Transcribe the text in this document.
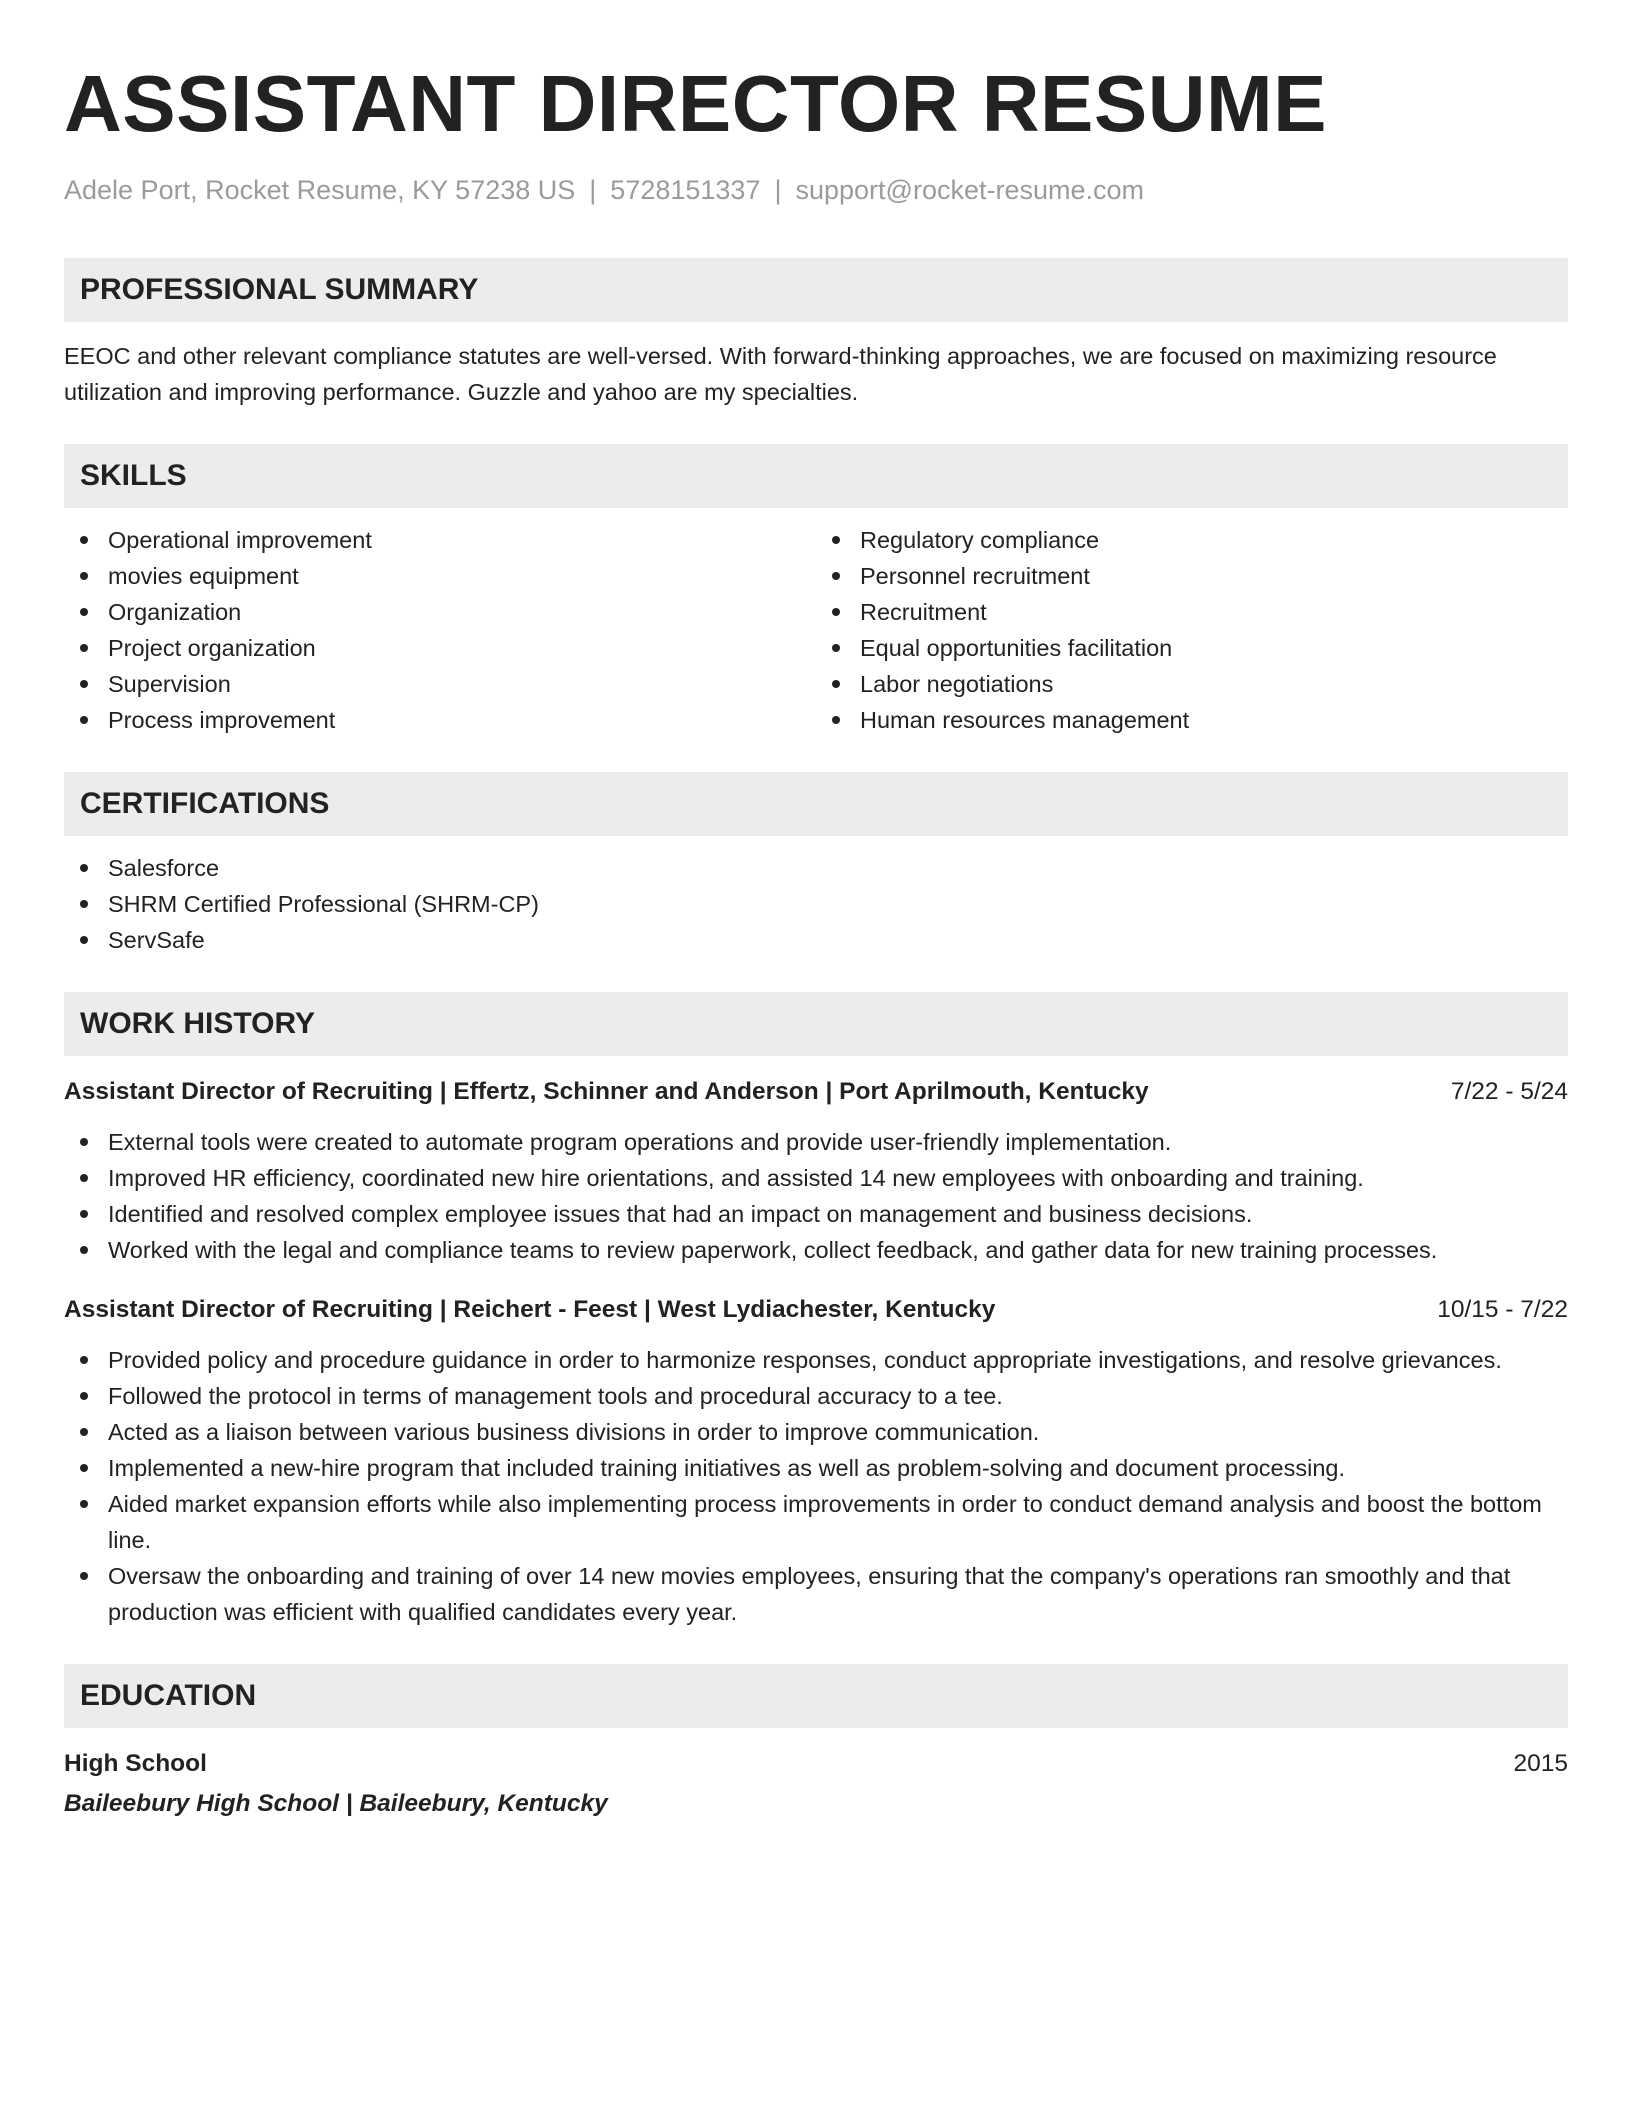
ASSISTANT DIRECTOR RESUME
Adele Port, Rocket Resume, KY 57238 US | 5728151337 | support@rocket-resume.com
PROFESSIONAL SUMMARY
EEOC and other relevant compliance statutes are well-versed. With forward-thinking approaches, we are focused on maximizing resource utilization and improving performance. Guzzle and yahoo are my specialties.
SKILLS
Operational improvement
movies equipment
Organization
Project organization
Supervision
Process improvement
Regulatory compliance
Personnel recruitment
Recruitment
Equal opportunities facilitation
Labor negotiations
Human resources management
CERTIFICATIONS
Salesforce
SHRM Certified Professional (SHRM-CP)
ServSafe
WORK HISTORY
Assistant Director of Recruiting | Effertz, Schinner and Anderson | Port Aprilmouth, Kentucky	7/22 - 5/24
External tools were created to automate program operations and provide user-friendly implementation.
Improved HR efficiency, coordinated new hire orientations, and assisted 14 new employees with onboarding and training.
Identified and resolved complex employee issues that had an impact on management and business decisions.
Worked with the legal and compliance teams to review paperwork, collect feedback, and gather data for new training processes.
Assistant Director of Recruiting | Reichert - Feest | West Lydiachester, Kentucky	10/15 - 7/22
Provided policy and procedure guidance in order to harmonize responses, conduct appropriate investigations, and resolve grievances.
Followed the protocol in terms of management tools and procedural accuracy to a tee.
Acted as a liaison between various business divisions in order to improve communication.
Implemented a new-hire program that included training initiatives as well as problem-solving and document processing.
Aided market expansion efforts while also implementing process improvements in order to conduct demand analysis and boost the bottom line.
Oversaw the onboarding and training of over 14 new movies employees, ensuring that the company's operations ran smoothly and that production was efficient with qualified candidates every year.
EDUCATION
High School	2015
Baileebury High School | Baileebury, Kentucky
